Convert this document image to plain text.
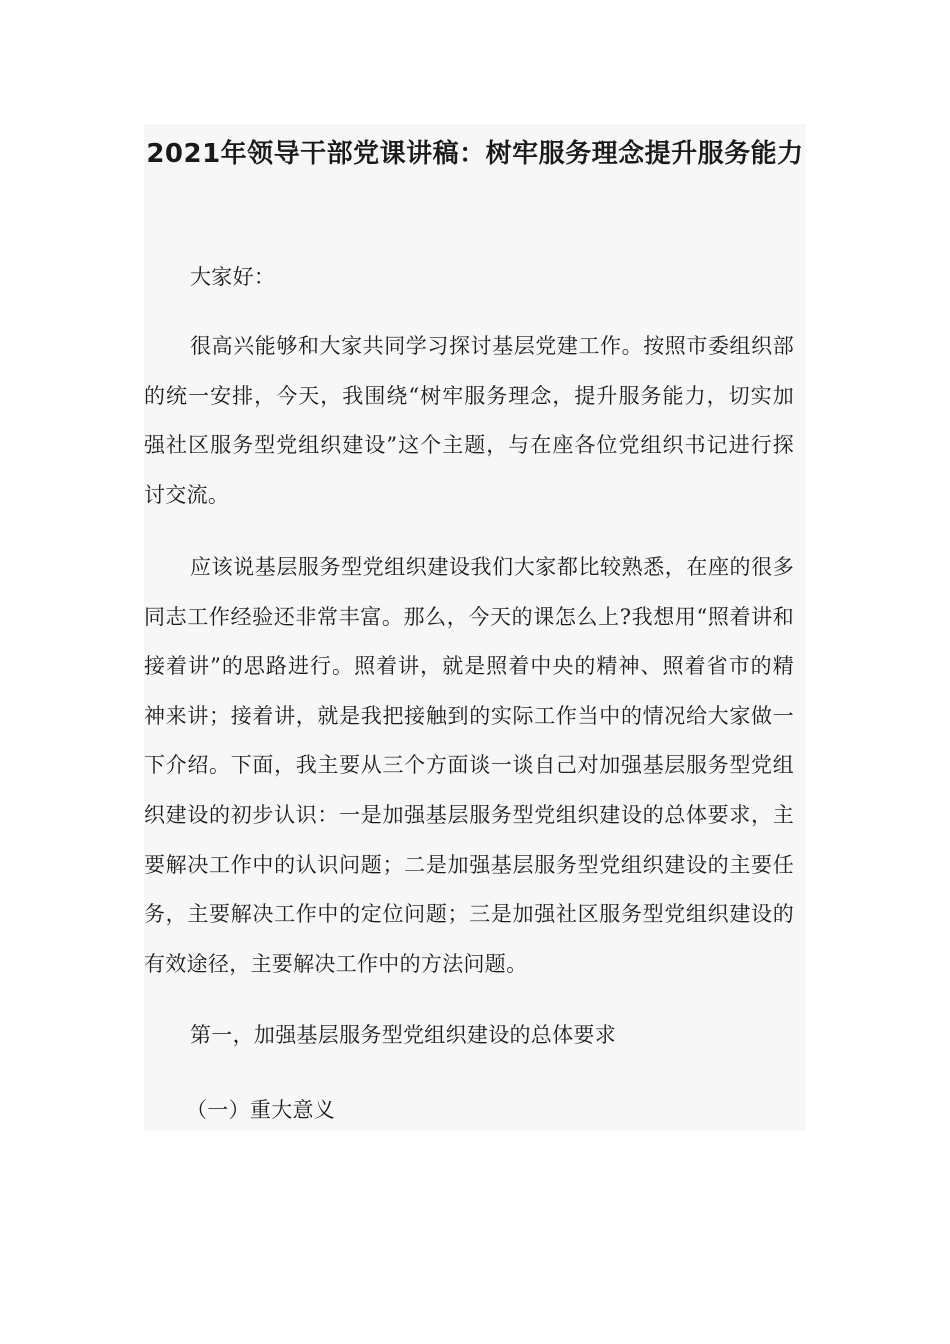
2021年领导干部党课讲稿：树牢服务理念提升服务能力

大家好：

很高兴能够和大家共同学习探讨基层党建工作。按照市委组织部的统一安排，今天，我围绕“树牢服务理念，提升服务能力，切实加强社区服务型党组织建设”这个主题，与在座各位党组织书记进行探讨交流。

应该说基层服务型党组织建设我们大家都比较熟悉，在座的很多同志工作经验还非常丰富。那么，今天的课怎么上?我想用“照着讲和接着讲”的思路进行。照着讲，就是照着中央的精神、照着省市的精神来讲；接着讲，就是我把接触到的实际工作当中的情况给大家做一下介绍。下面，我主要从三个方面谈一谈自己对加强基层服务型党组织建设的初步认识：一是加强基层服务型党组织建设的总体要求，主要解决工作中的认识问题；二是加强基层服务型党组织建设的主要任务，主要解决工作中的定位问题；三是加强社区服务型党组织建设的有效途径，主要解决工作中的方法问题。

第一，加强基层服务型党组织建设的总体要求

（一）重大意义
